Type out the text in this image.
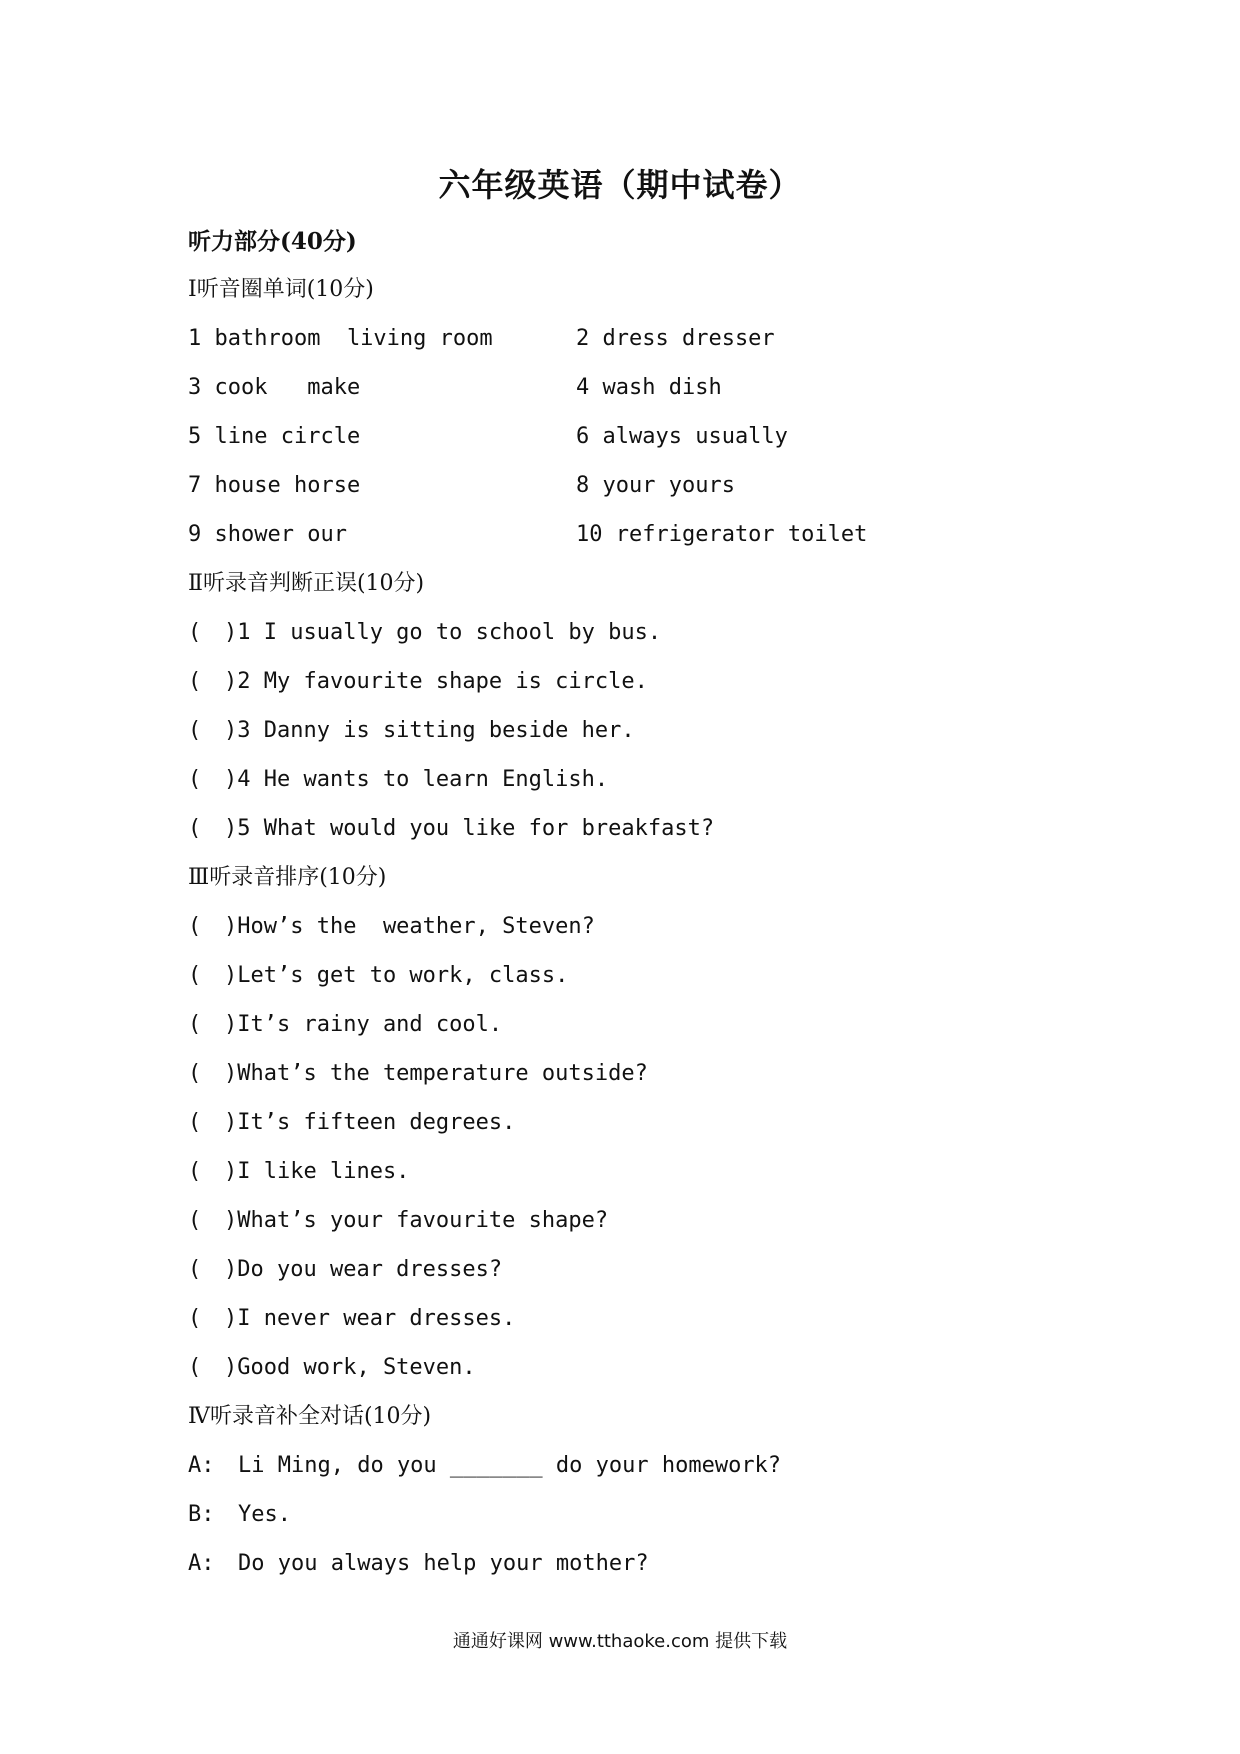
六年级英语（期中试卷）
听力部分(40分)
Ⅰ听音圈单词(10分)
1 bathroom  living room	2 dress dresser
3 cook   make	4 wash dish
5 line circle	6 always usually
7 house horse	8 your yours
9 shower our	10 refrigerator toilet
Ⅱ听录音判断正误(10分)
( )1 I usually go to school by bus.
( )2 My favourite shape is circle.
( )3 Danny is sitting beside her.
( )4 He wants to learn English.
( )5 What would you like for breakfast?
Ⅲ听录音排序(10分)
( )How’s the  weather, Steven?
( )Let’s get to work, class.
( )It’s rainy and cool.
( )What’s the temperature outside?
( )It’s fifteen degrees.
( )I like lines.
( )What’s your favourite shape?
( )Do you wear dresses?
( )I never wear dresses.
( )Good work, Steven.
Ⅳ听录音补全对话(10分)
A: Li Ming, do you _______ do your homework?
B: Yes.
A: Do you always help your mother?
通通好课网 www.tthaoke.com 提供下载
